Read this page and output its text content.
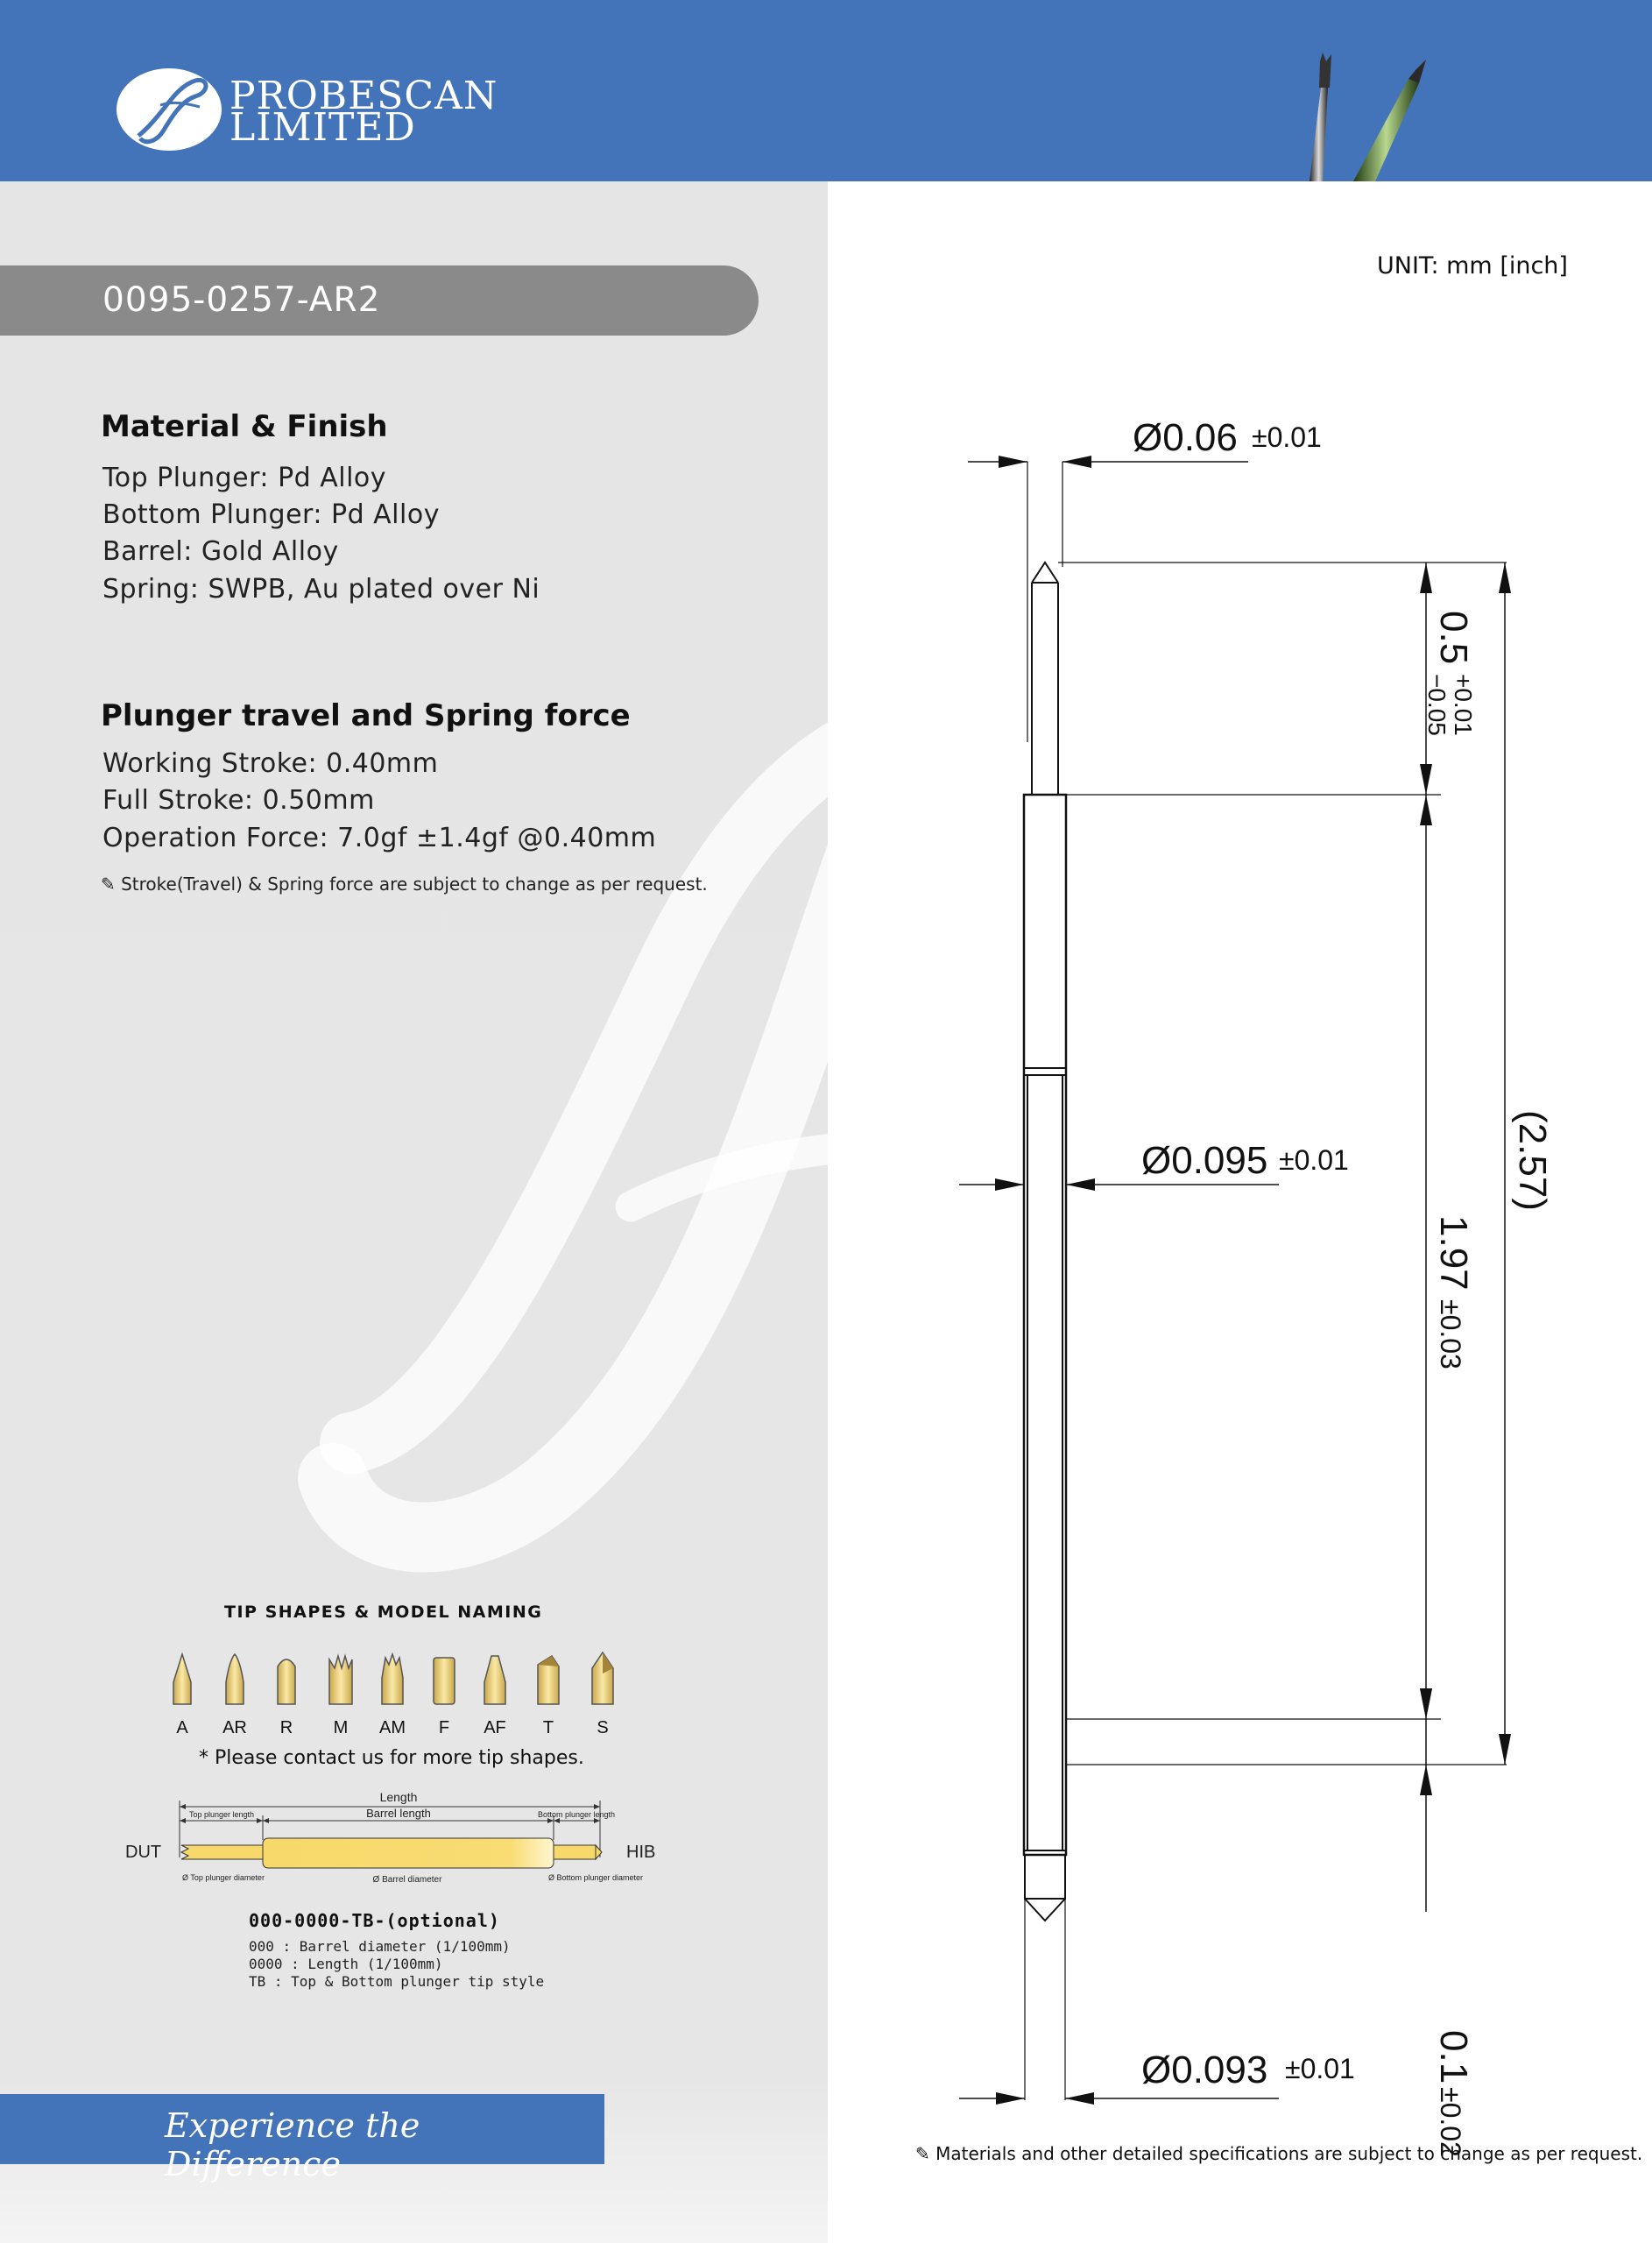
PROBESCAN
LIMITED
0095-0257-AR2
Material & Finish
Top Plunger: Pd Alloy
Bottom Plunger: Pd Alloy
Barrel: Gold Alloy
Spring: SWPB, Au plated over Ni
Plunger travel and Spring force
Working Stroke: 0.40mm
Full Stroke: 0.50mm
Operation Force: 7.0gf ±1.4gf @0.40mm
✎ Stroke(Travel) & Spring force are subject to change as per request.
UNIT: mm [inch]
Ø0.06 ±0.01
Ø0.095 ±0.01
Ø0.093 ±0.01
0.5
+0.01
−0.05
1.97
±0.03
(2.57)
0.1
±0.02
TIP SHAPES & MODEL NAMING
A AR R M AM F AF T S
* Please contact us for more tip shapes.
Length
Barrel length
Top plunger length	Bottom plunger length
Ø Top plunger diameter	Ø Barrel diameter	Ø Bottom plunger diameter
DUT	HIB
000-0000-TB-(optional)
000 : Barrel diameter (1/100mm)
0000 : Length (1/100mm)
TB : Top & Bottom plunger tip style
Experience the Difference	✎ Materials and other detailed specifications are subject to change as per request.
